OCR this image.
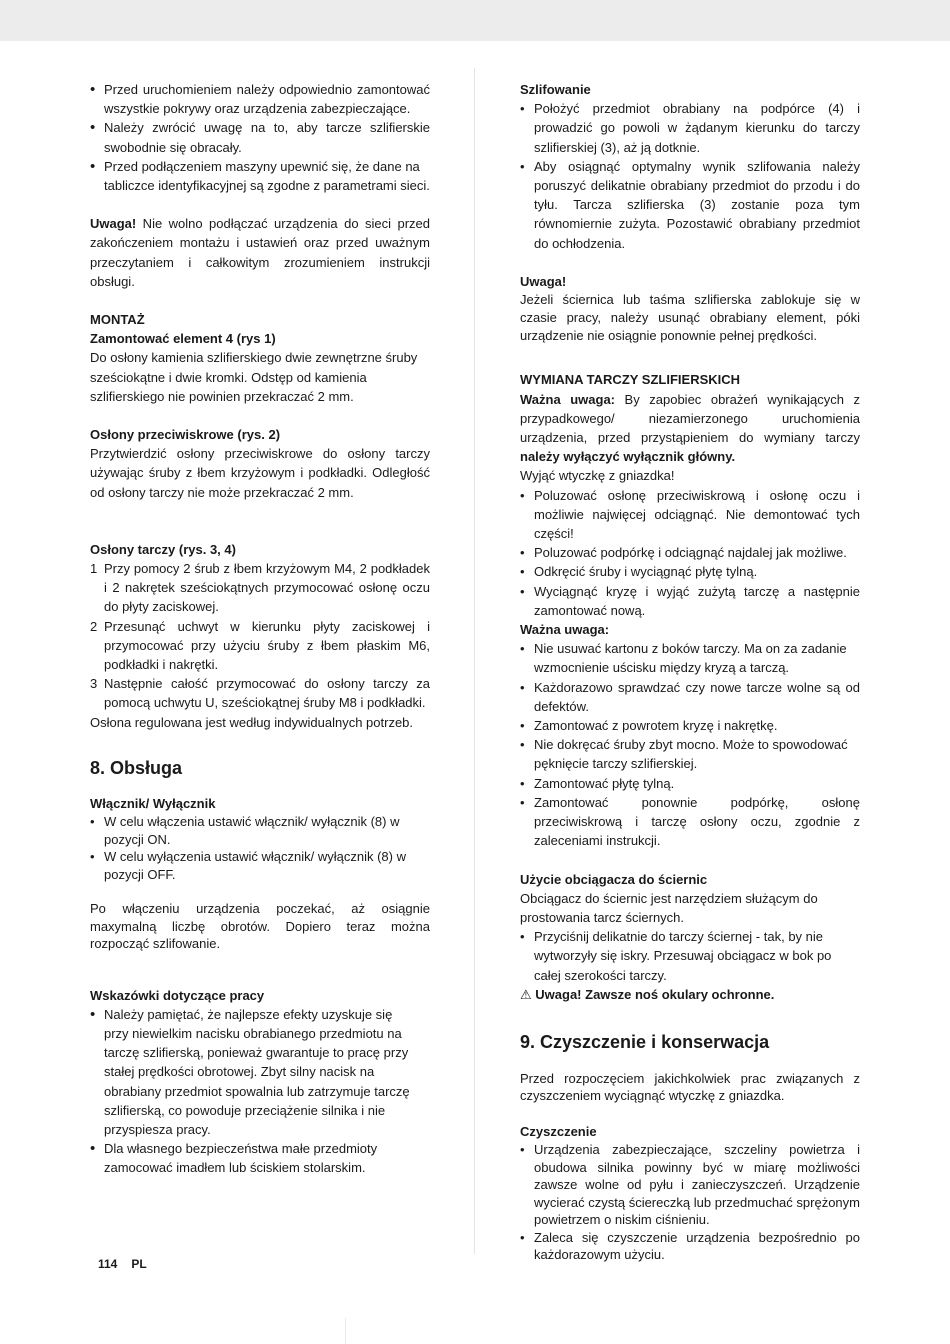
• Przed uruchomieniem należy odpowiednio zamontować wszystkie pokrywy oraz urządzenia zabezpieczające.
• Należy zwrócić uwagę na to, aby tarcze szlifierskie swobodnie się obracały.
• Przed podłączeniem maszyny upewnić się, że dane na tabliczce identyfikacyjnej są zgodne z parametrami sieci.

Uwaga! Nie wolno podłączać urządzenia do sieci przed zakończeniem montażu i ustawień oraz przed uważnym przeczytaniem i całkowitym zrozumieniem instrukcji obsługi.

MONTAŻ

Zamontować element 4 (rys 1)

Do osłony kamienia szlifierskiego dwie zewnętrzne śruby sześciokątne i dwie kromki. Odstęp od kamienia szlifierskiego nie powinien przekraczać 2 mm.

Osłony przeciwiskrowe (rys. 2)

Przytwierdzić osłony przeciwiskrowe do osłony tarczy używając śruby z łbem krzyżowym i podkładki. Odległość od osłony tarczy nie może przekraczać 2 mm.

Osłony tarczy (rys. 3, 4)

1 Przy pomocy 2 śrub z łbem krzyżowym M4, 2 podkładek i 2 nakrętek sześciokątnych przymocować osłonę oczu do płyty zaciskowej.
2 Przesunąć uchwyt w kierunku płyty zaciskowej i przymocować przy użyciu śruby z łbem płaskim M6, podkładki i nakrętki.
3 Następnie całość przymocować do osłony tarczy za pomocą uchwytu U, sześciokątnej śruby M8 i podkładki.

Osłona regulowana jest według indywidualnych potrzeb.

8. Obsługa

Włącznik/ Wyłącznik

• W celu włączenia ustawić włącznik/ wyłącznik (8) w pozycji ON.
• W celu wyłączenia ustawić włącznik/ wyłącznik (8) w pozycji OFF.

Po włączeniu urządzenia poczekać, aż osiągnie maxymalną liczbę obrotów. Dopiero teraz można rozpocząć szlifowanie.

Wskazówki dotyczące pracy

• Należy pamiętać, że najlepsze efekty uzyskuje się przy niewielkim nacisku obrabianego przedmiotu na tarczę szlifierską, ponieważ gwarantuje to pracę przy stałej prędkości obrotowej. Zbyt silny nacisk na obrabiany przedmiot spowalnia lub zatrzymuje tarczę szlifierską, co powoduje przeciążenie silnika i nie przyspiesza pracy.
• Dla własnego bezpieczeństwa małe przedmioty zamocować imadłem lub ściskiem stolarskim.

Szlifowanie

• Położyć przedmiot obrabiany na podpórce (4) i prowadzić go powoli w żądanym kierunku do tarczy szlifierskiej (3), aż ją dotknie.
• Aby osiągnąć optymalny wynik szlifowania należy poruszyć delikatnie obrabiany przedmiot do przodu i do tyłu. Tarcza szlifierska (3) zostanie poza tym równomiernie zużyta. Pozostawić obrabiany przedmiot do ochłodzenia.

Uwaga!

Jeżeli ściernica lub taśma szlifierska zablokuje się w czasie pracy, należy usunąć obrabiany element, póki urządzenie nie osiągnie ponownie pełnej prędkości.

WYMIANA TARCZY SZLIFIERSKICH

Ważna uwaga: By zapobiec obrażeń wynikających z przypadkowego/ niezamierzonego uruchomienia urządzenia, przed przystąpieniem do wymiany tarczy należy wyłączyć wyłącznik główny.

Wyjąć wtyczkę z gniazdka!

• Poluzować osłonę przeciwiskrową i osłonę oczu i możliwie najwięcej odciągnąć. Nie demontować tych części!
• Poluzować podpórkę i odciągnąć najdalej jak możliwe.
• Odkręcić śruby i wyciągnąć płytę tylną.
• Wyciągnąć kryzę i wyjąć zużytą tarczę a następnie zamontować nową.

Ważna uwaga:

• Nie usuwać kartonu z boków tarczy. Ma on za zadanie wzmocnienie uścisku między kryzą a tarczą.
• Każdorazowo sprawdzać czy nowe tarcze wolne są od defektów.
• Zamontować z powrotem kryzę i nakrętkę.
• Nie dokręcać śruby zbyt mocno. Może to spowodować pęknięcie tarczy szlifierskiej.
• Zamontować płytę tylną.
• Zamontować ponownie podpórkę, osłonę przeciwiskrową i tarczę osłony oczu, zgodnie z zaleceniami instrukcji.

Użycie obciągacza do ściernic

Obciągacz do ściernic jest narzędziem służącym do prostowania tarcz ściernych.

• Przyciśnij delikatnie do tarczy ściernej - tak, by nie wytworzyły się iskry. Przesuwaj obciągacz w bok po całej szerokości tarczy.

⚠ Uwaga! Zawsze noś okulary ochronne.

9. Czyszczenie i konserwacja

Przed rozpoczęciem jakichkolwiek prac związanych z czyszczeniem wyciągnąć wtyczkę z gniazdka.

Czyszczenie

• Urządzenia zabezpieczające, szczeliny powietrza i obudowa silnika powinny być w miarę możliwości zawsze wolne od pyłu i zanieczyszczeń. Urządzenie wycierać czystą ściereczką lub przedmuchać sprężonym powietrzem o niskim ciśnieniu.
• Zaleca się czyszczenie urządzenia bezpośrednio po każdorazowym użyciu.
114 PL
